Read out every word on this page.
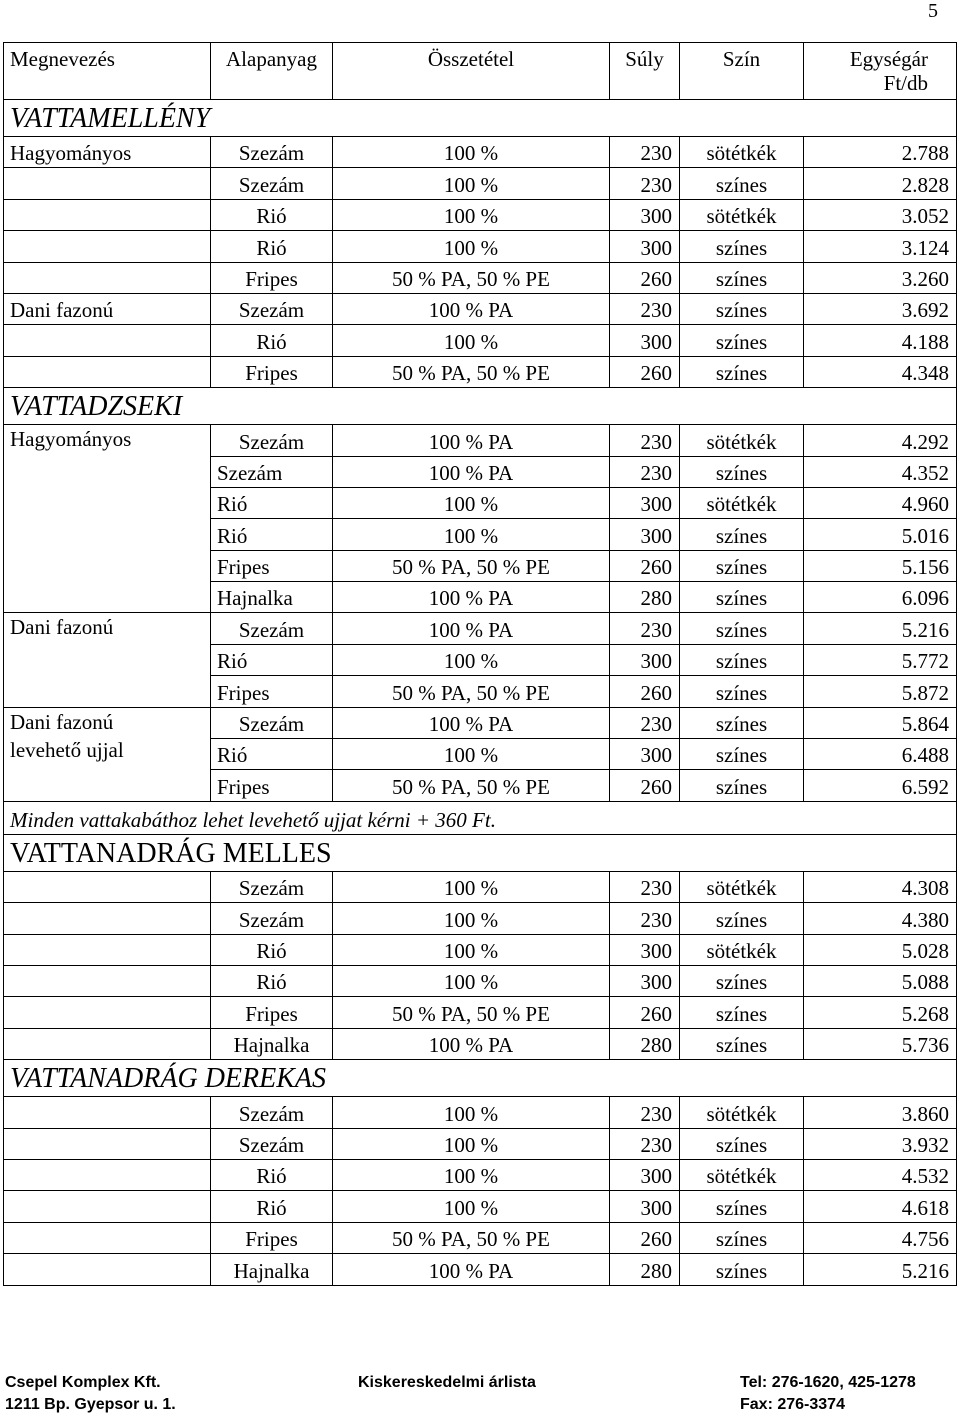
5
Megnevezés	Alapanyag	Összetétel	Súly	Szín	Egységár
Ft/db
VATTAMELLÉNY					
Hagyományos	Szezám	100 %	230	sötétkék	2.788
	Szezám	100 %	230	színes	2.828
	Rió	100 %	300	sötétkék	3.052
	Rió	100 %	300	színes	3.124
	Fripes	50 % PA, 50 % PE	260	színes	3.260
Dani fazonú	Szezám	100 % PA	230	színes	3.692
	Rió	100 %	300	színes	4.188
	Fripes	50 % PA, 50 % PE	260	színes	4.348
VATTADZSEKI					
Hagyományos	Szezám	100 % PA	230	sötétkék	4.292
	Szezám	100 % PA	230	színes	4.352
	Rió	100 %	300	sötétkék	4.960
	Rió	100 %	300	színes	5.016
	Fripes	50 % PA, 50 % PE	260	színes	5.156
	Hajnalka	100 % PA	280	színes	6.096
Dani fazonú	Szezám	100 % PA	230	színes	5.216
	Rió	100 %	300	színes	5.772
	Fripes	50 % PA, 50 % PE	260	színes	5.872
Dani fazonú
levehető ujjal	Szezám	100 % PA	230	színes	5.864
	Rió	100 %	300	színes	6.488
	Fripes	50 % PA, 50 % PE	260	színes	6.592
Minden vattakabáthoz lehet levehető ujjat kérni + 360 Ft.					
VATTANADRÁG MELLES					
	Szezám	100 %	230	sötétkék	4.308
	Szezám	100 %	230	színes	4.380
	Rió	100 %	300	sötétkék	5.028
	Rió	100 %	300	színes	5.088
	Fripes	50 % PA, 50 % PE	260	színes	5.268
	Hajnalka	100 % PA	280	színes	5.736
VATTANADRÁG DEREKAS					
	Szezám	100 %	230	sötétkék	3.860
	Szezám	100 %	230	színes	3.932
	Rió	100 %	300	sötétkék	4.532
	Rió	100 %	300	színes	4.618
	Fripes	50 % PA, 50 % PE	260	színes	4.756
	Hajnalka	100 % PA	280	színes	5.216
Csepel Komplex Kft.	Kiskereskedelmi árlista	Tel: 276-1620, 425-1278
1211 Bp. Gyepsor u. 1.	Fax: 276-3374
